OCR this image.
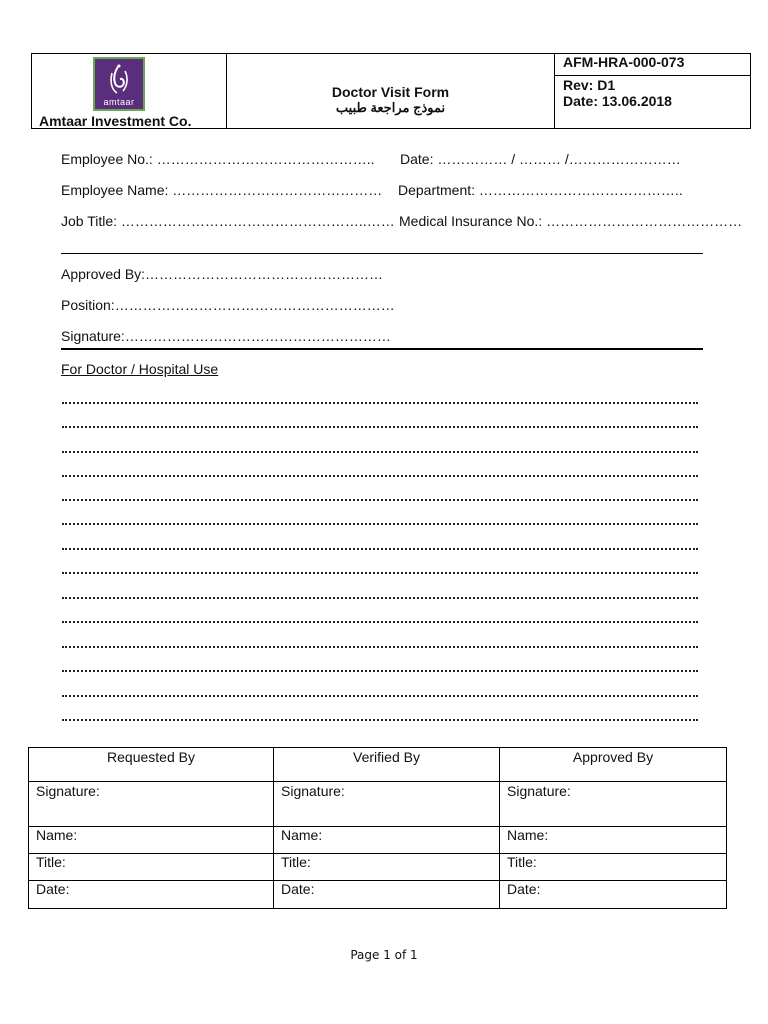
amtaar
Amtaar Investment Co.
Doctor Visit Form
نموذج مراجعة طبيب
AFM-HRA-000-073
Rev: D1
Date: 13.06.2018
Employee No.: ……………………………………….. Date: …………… / ……… /……………………
Employee Name: ……………………………………… Department: ……………………………………..
Job Title: ……………………………………………..…… Medical Insurance No.: ……………………………………
Approved By:……………………………………………
Position:……………………………………………………
Signature:…………………………………………………
For Doctor / Hospital Use
Requested By	Verified By	Approved By
Signature:	Signature:	Signature:
Name:	Name:	Name:
Title:	Title:	Title:
Date:	Date:	Date:
Page 1 of 1
